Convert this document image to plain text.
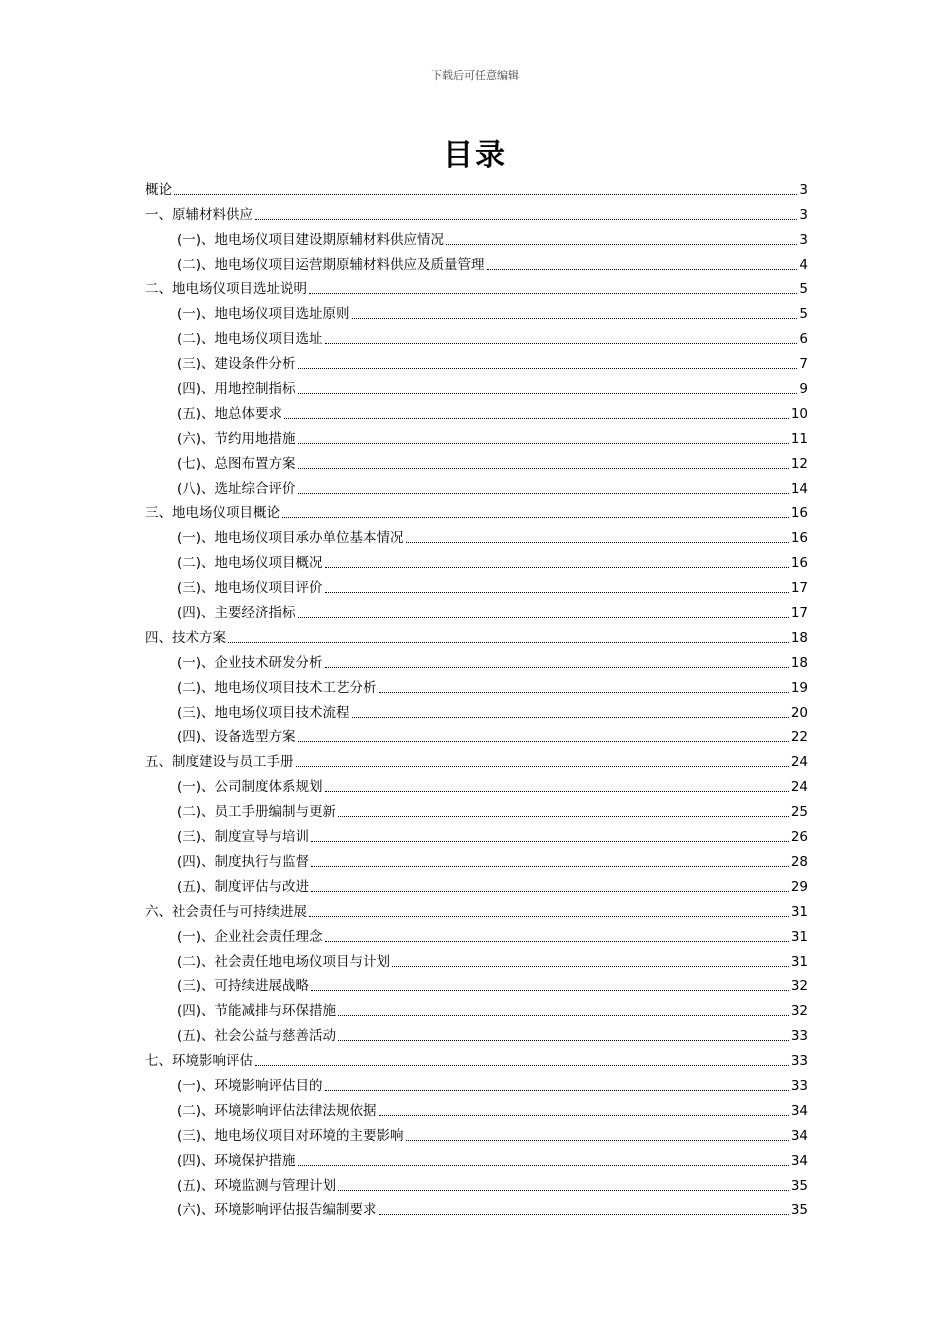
下载后可任意编辑
目录
概论	3
一、原辅材料供应	3
(一)、地电场仪项目建设期原辅材料供应情况	3
(二)、地电场仪项目运营期原辅材料供应及质量管理	4
二、地电场仪项目选址说明	5
(一)、地电场仪项目选址原则	5
(二)、地电场仪项目选址	6
(三)、建设条件分析	7
(四)、用地控制指标	9
(五)、地总体要求	10
(六)、节约用地措施	11
(七)、总图布置方案	12
(八)、选址综合评价	14
三、地电场仪项目概论	16
(一)、地电场仪项目承办单位基本情况	16
(二)、地电场仪项目概况	16
(三)、地电场仪项目评价	17
(四)、主要经济指标	17
四、技术方案	18
(一)、企业技术研发分析	18
(二)、地电场仪项目技术工艺分析	19
(三)、地电场仪项目技术流程	20
(四)、设备选型方案	22
五、制度建设与员工手册	24
(一)、公司制度体系规划	24
(二)、员工手册编制与更新	25
(三)、制度宣导与培训	26
(四)、制度执行与监督	28
(五)、制度评估与改进	29
六、社会责任与可持续进展	31
(一)、企业社会责任理念	31
(二)、社会责任地电场仪项目与计划	31
(三)、可持续进展战略	32
(四)、节能减排与环保措施	32
(五)、社会公益与慈善活动	33
七、环境影响评估	33
(一)、环境影响评估目的	33
(二)、环境影响评估法律法规依据	34
(三)、地电场仪项目对环境的主要影响	34
(四)、环境保护措施	34
(五)、环境监测与管理计划	35
(六)、环境影响评估报告编制要求	35
